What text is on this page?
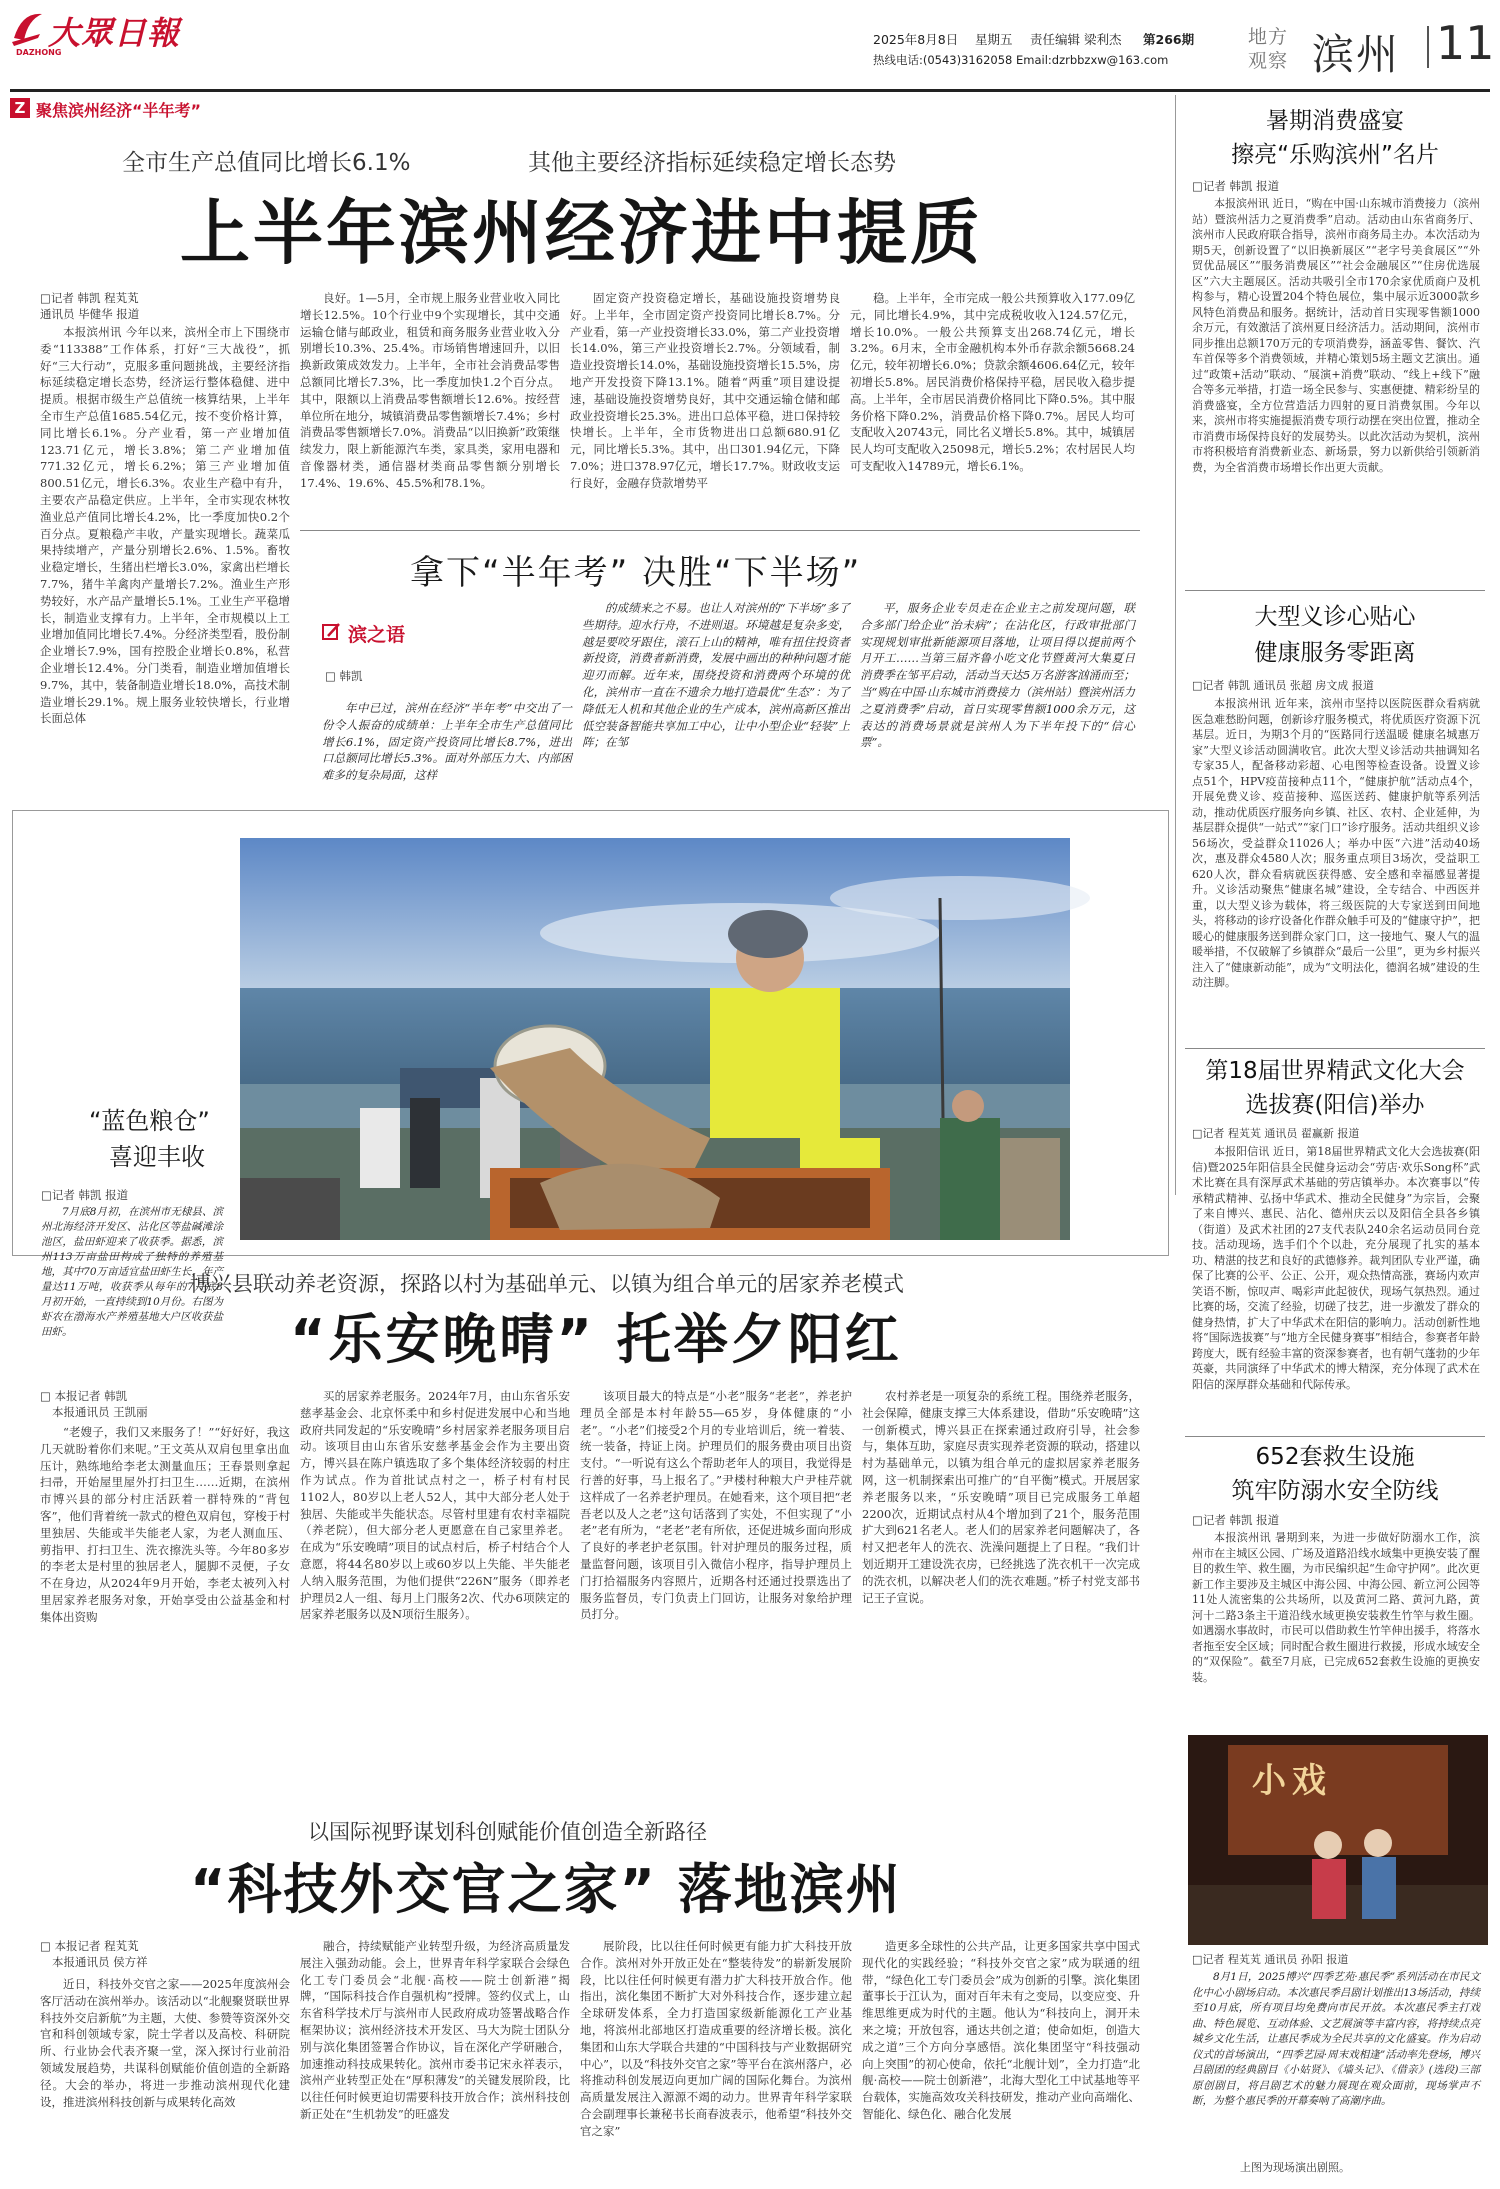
大眾日報
DAZHONG
2025年8月8日 星期五 责任编辑 梁利杰 第266期
热线电话:(0543)3162058 Email:dzrbbzxw@163.com
地方
观察 滨州 11
Z 聚焦滨州经济“半年考”
全市生产总值同比增长6.1%	其他主要经济指标延续稳定增长态势
上半年滨州经济进中提质
□记者 韩凯 程芄芄
通讯员 毕健华 报道
本报滨州讯 今年以来，滨州全市上下围绕市委“113388”工作体系，打好“三大战役”，抓好“三大行动”，克服多重问题挑战，主要经济指标延续稳定增长态势，经济运行整体稳健、进中提质。根据市级生产总值统一核算结果，上半年全市生产总值1685.54亿元，按不变价格计算，同比增长6.1%。分产业看，第一产业增加值123.71亿元，增长3.8%；第二产业增加值771.32亿元，增长6.2%；第三产业增加值800.51亿元，增长6.3%。农业生产稳中有升，主要农产品稳定供应。上半年，全市实现农林牧渔业总产值同比增长4.2%，比一季度加快0.2个百分点。夏粮稳产丰收，产量实现增长。蔬菜瓜果持续增产，产量分别增长2.6%、1.5%。畜牧业稳定增长，生猪出栏增长3.0%，家禽出栏增长7.7%，猪牛羊禽肉产量增长7.2%。渔业生产形势较好，水产品产量增长5.1%。工业生产平稳增长，制造业支撑有力。上半年，全市规模以上工业增加值同比增长7.4%。分经济类型看，股份制企业增长7.9%，国有控股企业增长0.8%，私营企业增长12.4%。分门类看，制造业增加值增长9.7%，其中，装备制造业增长18.0%，高技术制造业增长29.1%。规上服务业较快增长，行业增长面总体
良好。1—5月，全市规上服务业营业收入同比增长12.5%。10个行业中9个实现增长，其中交通运输仓储与邮政业，租赁和商务服务业营业收入分别增长10.3%、25.4%。市场销售增速回升，以旧换新政策成效发力。上半年，全市社会消费品零售总额同比增长7.3%，比一季度加快1.2个百分点。其中，限额以上消费品零售额增长12.6%。按经营单位所在地分，城镇消费品零售额增长7.4%；乡村消费品零售额增长7.0%。消费品“以旧换新”政策继续发力，限上新能源汽车类，家具类，家用电器和音像器材类，通信器材类商品零售额分别增长17.4%、19.6%、45.5%和78.1%。
固定资产投资稳定增长，基础设施投资增势良好。上半年，全市固定资产投资同比增长8.7%。分产业看，第一产业投资增长33.0%，第二产业投资增长14.0%，第三产业投资增长2.7%。分领域看，制造业投资增长14.0%，基础设施投资增长15.5%，房地产开发投资下降13.1%。随着“两重”项目建设提速，基础设施投资增势良好，其中交通运输仓储和邮政业投资增长25.3%。进出口总体平稳，进口保持较快增长。上半年，全市货物进出口总额680.91亿元，同比增长5.3%。其中，出口301.94亿元，下降7.0%；进口378.97亿元，增长17.7%。财政收支运行良好，金融存贷款增势平
稳。上半年，全市完成一般公共预算收入177.09亿元，同比增长4.9%，其中完成税收收入124.57亿元，增长10.0%。一般公共预算支出268.74亿元，增长3.2%。6月末，全市金融机构本外币存款余额5668.24亿元，较年初增长6.0%；贷款余额4606.64亿元，较年初增长5.8%。居民消费价格保持平稳，居民收入稳步提高。上半年，全市居民消费价格同比下降0.5%。其中服务价格下降0.2%，消费品价格下降0.7%。居民人均可支配收入20743元，同比名义增长5.8%。其中，城镇居民人均可支配收入25098元，增长5.2%；农村居民人均可支配收入14789元，增长6.1%。
拿下“半年考” 决胜“下半场”
滨之语
□ 韩凯
年中已过，滨州在经济“半年考”中交出了一份令人振奋的成绩单：上半年全市生产总值同比增长6.1%，固定资产投资同比增长8.7%，进出口总额同比增长5.3%。面对外部压力大、内部困难多的复杂局面，这样
的成绩来之不易。也让人对滨州的“下半场”多了些期待。迎水行舟，不进则退。环境越是复杂多变，越是要咬牙跟住，滚石上山的精神，唯有扭住投资者新投资，消费者新消费，发展中画出的种种问题才能迎刃而解。近年来，围绕投资和消费两个环境的优化，滨州市一直在不遗余力地打造最优“生态”：为了降低无人机和其他企业的生产成本，滨州高新区推出低空装备智能共享加工中心，让中小型企业“轻装”上阵；在邹
平，服务企业专员走在企业主之前发现问题，联合多部门给企业“治未病”；在沾化区，行政审批部门实现规划审批新能源项目落地，让项目得以提前两个月开工……当第三届齐鲁小吃文化节暨黄河大集夏日消费季在邹平启动，活动当天达5万名游客汹涌而至；当“购在中国·山东城市消费接力（滨州站）暨滨州活力之夏消费季”启动，首日实现零售额1000余万元，这表达的消费场景就是滨州人为下半年投下的“信心票”。
“蓝色粮仓”
喜迎丰收
□记者 韩凯 报道
7月底8月初，在滨州市无棣县、滨州北海经济开发区、沾化区等盐碱滩涂池区，盐田虾迎来了收获季。据悉，滨州113万亩盐田构成了独特的养殖基地，其中70万亩适宜盐田虾生长，年产量达11万吨，收获季从每年的7月底8月初开始，一直持续到10月份。右图为虾农在渤海水产养殖基地大户区收获盐田虾。
博兴县联动养老资源，探路以村为基础单元、以镇为组合单元的居家养老模式
“乐安晚晴” 托举夕阳红
□ 本报记者 韩凯
本报通讯员 王凯丽
“老嫂子，我们又来服务了！”“好好好，我这几天就盼着你们来呢。”王文英从双肩包里拿出血压计，熟练地给李老太测量血压；王春景则拿起扫帚，开始屋里屋外打扫卫生……近期，在滨州市博兴县的部分村庄活跃着一群特殊的“背包客”，他们背着统一款式的橙色双肩包，穿梭于村里独居、失能或半失能老人家，为老人测血压、剪指甲、打扫卫生、洗衣擦洗头等。今年80多岁的李老太是村里的独居老人，腿脚不灵便，子女不在身边，从2024年9月开始，李老太被列入村里居家养老服务对象，开始享受由公益基金和村集体出资购
买的居家养老服务。2024年7月，由山东省乐安慈孝基金会、北京怀柔中和乡村促进发展中心和当地政府共同发起的“乐安晚晴”乡村居家养老服务项目启动。该项目由山东省乐安慈孝基金会作为主要出资方，博兴县在陈户镇选取了多个集体经济较弱的村庄作为试点。作为首批试点村之一，桥子村有村民1102人，80岁以上老人52人，其中大部分老人处于独居、失能或半失能状态。尽管村里建有农村幸福院（养老院），但大部分老人更愿意在自己家里养老。在成为“乐安晚晴”项目的试点村后，桥子村结合个人意愿，将44名80岁以上或60岁以上失能、半失能老人纳入服务范围，为他们提供“226N”服务（即养老护理员2人一组、每月上门服务2次、代办6项陕定的居家养老服务以及N项衍生服务）。
该项目最大的特点是“小老”服务“老老”，养老护理员全部是本村年龄55—65岁，身体健康的“小老”。“小老”们接受2个月的专业培训后，统一着装、统一装备，持证上岗。护理员们的服务费由项目出资支付。“一听说有这么个帮助老年人的项目，我觉得是行善的好事，马上报名了。”尹楼村种粮大户尹桂芹就这样成了一名养老护理员。在她看来，这个项目把“老吾老以及人之老”这句话落到了实处，不但实现了“小老”老有所为，“老老”老有所依，还促进城乡面向形成了良好的孝老护老氛围。针对护理员的服务过程，质量监督问题，该项目引入微信小程序，指导护理员上门打拾福服务内容照片，近期各村还通过投票选出了服务监督员，专门负责上门回访，让服务对象给护理员打分。
农村养老是一项复杂的系统工程。围绕养老服务，社会保障，健康支撑三大体系建设，借助“乐安晚晴”这一创新模式，博兴县正在探索通过政府引导，社会参与，集体互助，家庭尽责实现养老资源的联动，搭建以村为基础单元，以镇为组合单元的虚拟居家养老服务网，这一机制探索出可推广的“自平衡”模式。开展居家养老服务以来，“乐安晚晴”项目已完成服务工单超2200次，近期试点村从4个增加到了21个，服务范围扩大到621名老人。老人们的居家养老问题解决了，各村又把老年人的洗衣、洗澡问题提上了日程。“我们计划近期开工建设洗衣房，已经挑选了洗衣机干一次完成的洗衣机，以解决老人们的洗衣难题。”桥子村党支部书记王子宣说。
以国际视野谋划科创赋能价值创造全新路径
“科技外交官之家” 落地滨州
□ 本报记者 程芄芄
本报通讯员 侯方祥
近日，科技外交官之家——2025年度滨州会客厅活动在滨州举办。该活动以“北舰聚贤联世界 科技外交启新航”为主题，大使、参赞等资深外交官和科创领域专家，院士学者以及高校、科研院所、行业协会代表齐聚一堂，深入探讨行业前沿领域发展趋势，共谋科创赋能价值创造的全新路径。大会的举办，将进一步推动滨州现代化建设，推进滨州科技创新与成果转化高效
融合，持续赋能产业转型升级，为经济高质量发展注入强劲动能。会上，世界青年科学家联合会绿色化工专门委员会“北舰·高校——院士创新港”揭牌，“国际科技合作自强机构”授牌。签约仪式上，山东省科学技术厅与滨州市人民政府成功签署战略合作框架协议；滨州经济技术开发区、马大为院士团队分别与滨化集团签署合作协议，旨在深化产学研融合，加速推动科技成果转化。滨州市委书记宋永祥表示，滨州产业转型正处在“厚积薄发”的关键发展阶段，比以往任何时候更迫切需要科技开放合作；滨州科技创新正处在“生机勃发”的旺盛发
展阶段，比以往任何时候更有能力扩大科技开放合作。滨州对外开放正处在“整装待发”的崭新发展阶段，比以往任何时候更有潜力扩大科技开放合作。他指出，滨化集团不断扩大对外科技合作，逐步建立起全球研发体系，全力打造国家级新能源化工产业基地，将滨州北部地区打造成重要的经济增长极。滨化集团和山东大学联合共建的“中国科技与产业数据研究中心”，以及“科技外交官之家”等平台在滨州落户，必将推动科创发展迈向更加广阔的国际化舞台。为滨州高质量发展注入源源不竭的动力。世界青年科学家联合会副理事长兼秘书长商春波表示，他希望“科技外交官之家”
造更多全球性的公共产品，让更多国家共享中国式现代化的实践经验；“科技外交官之家”成为联通的纽带，“绿色化工专门委员会”成为创新的引擎。滨化集团董事长于江认为，面对百年未有之变局，以变应变、升维思维更成为时代的主题。他认为“科技向上，洞开未来之境；开放包容，通达共创之道；使命如炬，创造大成之道”三个方向分享感悟。滨化集团坚守“科技强动 向上突围”的初心使命，依托“北舰计划”，全力打造“北舰·高校——院士创新港”，北海大型化工中试基地等平台载体，实施高效攻关科技研发，推动产业向高端化、智能化、绿色化、融合化发展
暑期消费盛宴
擦亮“乐购滨州”名片
□记者 韩凯 报道
本报滨州讯 近日，“购在中国·山东城市消费接力（滨州站）暨滨州活力之夏消费季”启动。活动由山东省商务厅、滨州市人民政府联合指导，滨州市商务局主办。本次活动为期5天，创新设置了“以旧换新展区”“老字号美食展区”“外贸优品展区”“服务消费展区”“社会金融展区”“住房优选展区”六大主题展区。活动共吸引全市170余家优质商户及机构参与，精心设置204个特色展位，集中展示近3000款乡风特色消费品和服务。据统计，活动首日实现零售额1000余万元，有效激活了滨州夏日经济活力。活动期间，滨州市同步推出总额170万元的专项消费券，涵盖零售、餐饮、汽车首保等多个消费领域，并精心策划5场主题文艺演出。通过“政策+活动”联动、“展演+消费”联动、“线上+线下”融合等多元举措，打造一场全民参与、实惠便捷、精彩纷呈的消费盛宴，全方位营造活力四射的夏日消费氛围。今年以来，滨州市将实施提振消费专项行动摆在突出位置，推动全市消费市场保持良好的发展势头。以此次活动为契机，滨州市将积极培育消费新业态、新场景，努力以新供给引领新消费，为全省消费市场增长作出更大贡献。
大型义诊心贴心
健康服务零距离
□记者 韩凯 通讯员 张超 房文成 报道
本报滨州讯 近年来，滨州市坚持以医院医群众看病就医急难愁盼问题，创新诊疗服务模式，将优质医疗资源下沉基层。近日，为期3个月的“医路同行送温暖 健康名城惠万家”大型义诊活动圆满收官。此次大型义诊活动共抽调知名专家35人，配备移动彩超、心电图等检查设备。设置义诊点51个，HPV疫苗接种点11个，“健康护航”活动点4个，开展免费义诊、疫苗接种、巡医送药、健康护航等系列活动，推动优质医疗服务向乡镇、社区、农村、企业延伸，为基层群众提供“一站式”“家门口”诊疗服务。活动共组织义诊56场次，受益群众11026人；举办中医“六进”活动40场次，惠及群众4580人次；服务重点项目3场次，受益职工620人次，群众看病就医获得感、安全感和幸福感显著提升。义诊活动聚焦“健康名城”建设，全专结合、中西医并重，以大型义诊为载体，将三级医院的大专家送到田间地头，将移动的诊疗设备化作群众触手可及的“健康守护”，把暖心的健康服务送到群众家门口，这一接地气、聚人气的温暖举措，不仅破解了乡镇群众“最后一公里”，更为乡村振兴注入了“健康新动能”，成为“文明法化，德润名城”建设的生动注脚。
第18届世界精武文化大会
选拔赛(阳信)举办
□记者 程芄芄 通讯员 翟赢新 报道
本报阳信讯 近日，第18届世界精武文化大会选拔赛(阳信)暨2025年阳信县全民健身运动会“劳店·欢乐Song杯”武术比赛在具有深厚武术基础的劳店镇举办。本次赛事以“传承精武精神、弘扬中华武术、推动全民健身”为宗旨，会聚了来自博兴、惠民、沾化、德州庆云以及阳信全县各乡镇（街道）及武术社团的27支代表队240余名运动员同台竞技。活动现场，选手们个个以赴，充分展现了扎实的基本功、精湛的技艺和良好的武德修养。裁判团队专业严谨，确保了比赛的公平、公正、公开，观众热情高涨，赛场内欢声笑语不断，惊叹声、喝彩声此起彼伏，现场气氛热烈。通过比赛的场，交流了经验，切磋了技艺，进一步激发了群众的健身热情，扩大了中华武术在阳信的影响力。活动创新性地将“国际选拔赛”与“地方全民健身赛事”相结合，参赛者年龄跨度大，既有经验丰富的资深参赛者，也有朝气蓬勃的少年英豪，共同演绎了中华武术的博大精深，充分体现了武术在阳信的深厚群众基础和代际传承。
652套救生设施
筑牢防溺水安全防线
□记者 韩凯 报道
本报滨州讯 暑期到来，为进一步做好防溺水工作，滨州市在主城区公园、广场及道路沿线水域集中更换安装了醒目的救生竿、救生圈，为市民编织起“生命守护网”。此次更新工作主要涉及主城区中海公园、中海公园、新立河公园等11处人流密集的公共场所，以及黄河二路、黄河九路，黄河十二路3条主干道沿线水域更换安装救生竹竿与救生圈。如遇溺水事故时，市民可以借助救生竹竿伸出援手，将落水者拖至安全区域；同时配合救生圈进行救援，形成水域安全的“双保险”。截至7月底，已完成652套救生设施的更换安装。
小戏
□记者 程芄芄 通讯员 孙阳 报道
8月1日，2025博兴“四季艺苑·惠民季”系列活动在市民文化中心小剧场启动。本次惠民季吕剧计划推出13场活动，持续至10月底，所有项目均免费向市民开放。本次惠民季主打戏曲、特色展览、互动体验、文艺展演等丰富内容，将持续点亮城乡文化生活，让惠民季成为全民共享的文化盛宴。作为启动仪式的首场演出，“四季艺园·周末戏相逢”活动率先登场，博兴吕剧团的经典剧目《小姑贤》、《墙头记》、《借亲》(选段)三部原创剧目，将吕剧艺术的魅力展现在观众面前，现场掌声不断，为整个惠民季的开幕奏响了高潮序曲。
上图为现场演出剧照。
